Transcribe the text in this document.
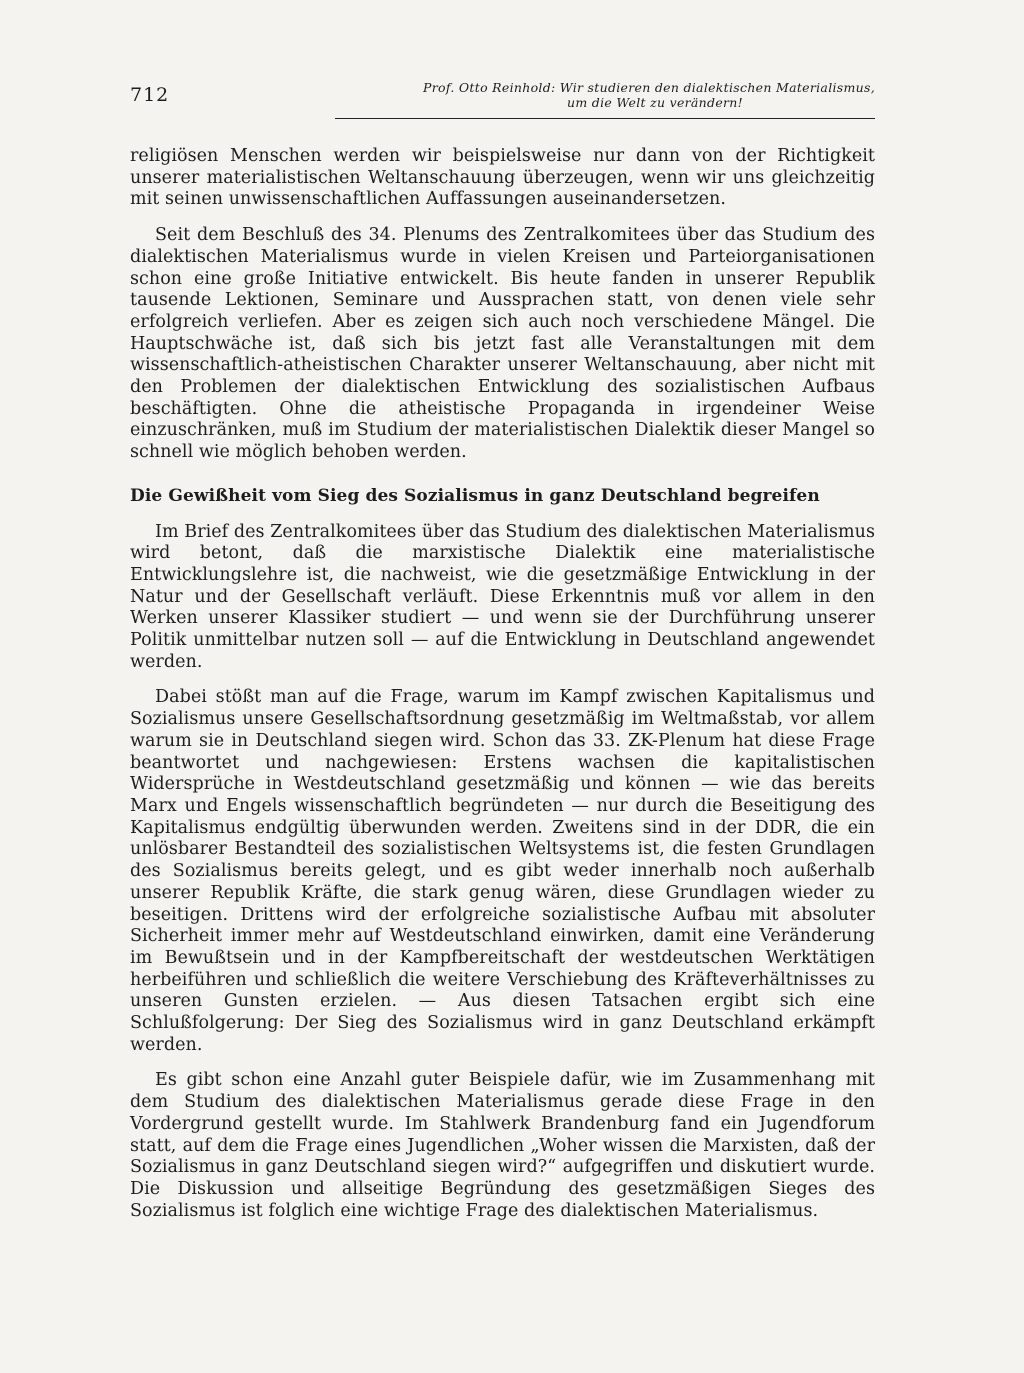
712	Prof. Otto Reinhold: Wir studieren den dialektischen Materialismus,
um die Welt zu verändern!

religiösen Menschen werden wir beispielsweise nur dann von der Richtigkeit unserer materialistischen Weltanschauung überzeugen, wenn wir uns gleichzeitig mit seinen unwissenschaftlichen Auffassungen auseinandersetzen.

Seit dem Beschluß des 34. Plenums des Zentralkomitees über das Studium des dialektischen Materialismus wurde in vielen Kreisen und Parteiorganisationen schon eine große Initiative entwickelt. Bis heute fanden in unserer Republik tausende Lektionen, Seminare und Aussprachen statt, von denen viele sehr erfolgreich verliefen. Aber es zeigen sich auch noch verschiedene Mängel. Die Hauptschwäche ist, daß sich bis jetzt fast alle Veranstaltungen mit dem wissenschaftlich-atheistischen Charakter unserer Weltanschauung, aber nicht mit den Problemen der dialektischen Entwicklung des sozialistischen Aufbaus beschäftigten. Ohne die atheistische Propaganda in irgendeiner Weise einzuschränken, muß im Studium der materialistischen Dialektik dieser Mangel so schnell wie möglich behoben werden.

Die Gewißheit vom Sieg des Sozialismus in ganz Deutschland begreifen

Im Brief des Zentralkomitees über das Studium des dialektischen Materialismus wird betont, daß die marxistische Dialektik eine materialistische Entwicklungslehre ist, die nachweist, wie die gesetzmäßige Entwicklung in der Natur und der Gesellschaft verläuft. Diese Erkenntnis muß vor allem in den Werken unserer Klassiker studiert — und wenn sie der Durchführung unserer Politik unmittelbar nutzen soll — auf die Entwicklung in Deutschland angewendet werden.

Dabei stößt man auf die Frage, warum im Kampf zwischen Kapitalismus und Sozialismus unsere Gesellschaftsordnung gesetzmäßig im Weltmaßstab, vor allem warum sie in Deutschland siegen wird. Schon das 33. ZK-Plenum hat diese Frage beantwortet und nachgewiesen: Erstens wachsen die kapitalistischen Widersprüche in Westdeutschland gesetzmäßig und können — wie das bereits Marx und Engels wissenschaftlich begründeten — nur durch die Beseitigung des Kapitalismus endgültig überwunden werden. Zweitens sind in der DDR, die ein unlösbarer Bestandteil des sozialistischen Weltsystems ist, die festen Grundlagen des Sozialismus bereits gelegt, und es gibt weder innerhalb noch außerhalb unserer Republik Kräfte, die stark genug wären, diese Grundlagen wieder zu beseitigen. Drittens wird der erfolgreiche sozialistische Aufbau mit absoluter Sicherheit immer mehr auf Westdeutschland einwirken, damit eine Veränderung im Bewußtsein und in der Kampfbereitschaft der westdeutschen Werktätigen herbeiführen und schließlich die weitere Verschiebung des Kräfteverhältnisses zu unseren Gunsten erzielen. — Aus diesen Tatsachen ergibt sich eine Schlußfolgerung: Der Sieg des Sozialismus wird in ganz Deutschland erkämpft werden.

Es gibt schon eine Anzahl guter Beispiele dafür, wie im Zusammenhang mit dem Studium des dialektischen Materialismus gerade diese Frage in den Vordergrund gestellt wurde. Im Stahlwerk Brandenburg fand ein Jugendforum statt, auf dem die Frage eines Jugendlichen „Woher wissen die Marxisten, daß der Sozialismus in ganz Deutschland siegen wird?“ aufgegriffen und diskutiert wurde. Die Diskussion und allseitige Begründung des gesetzmäßigen Sieges des Sozialismus ist folglich eine wichtige Frage des dialektischen Materialismus.
